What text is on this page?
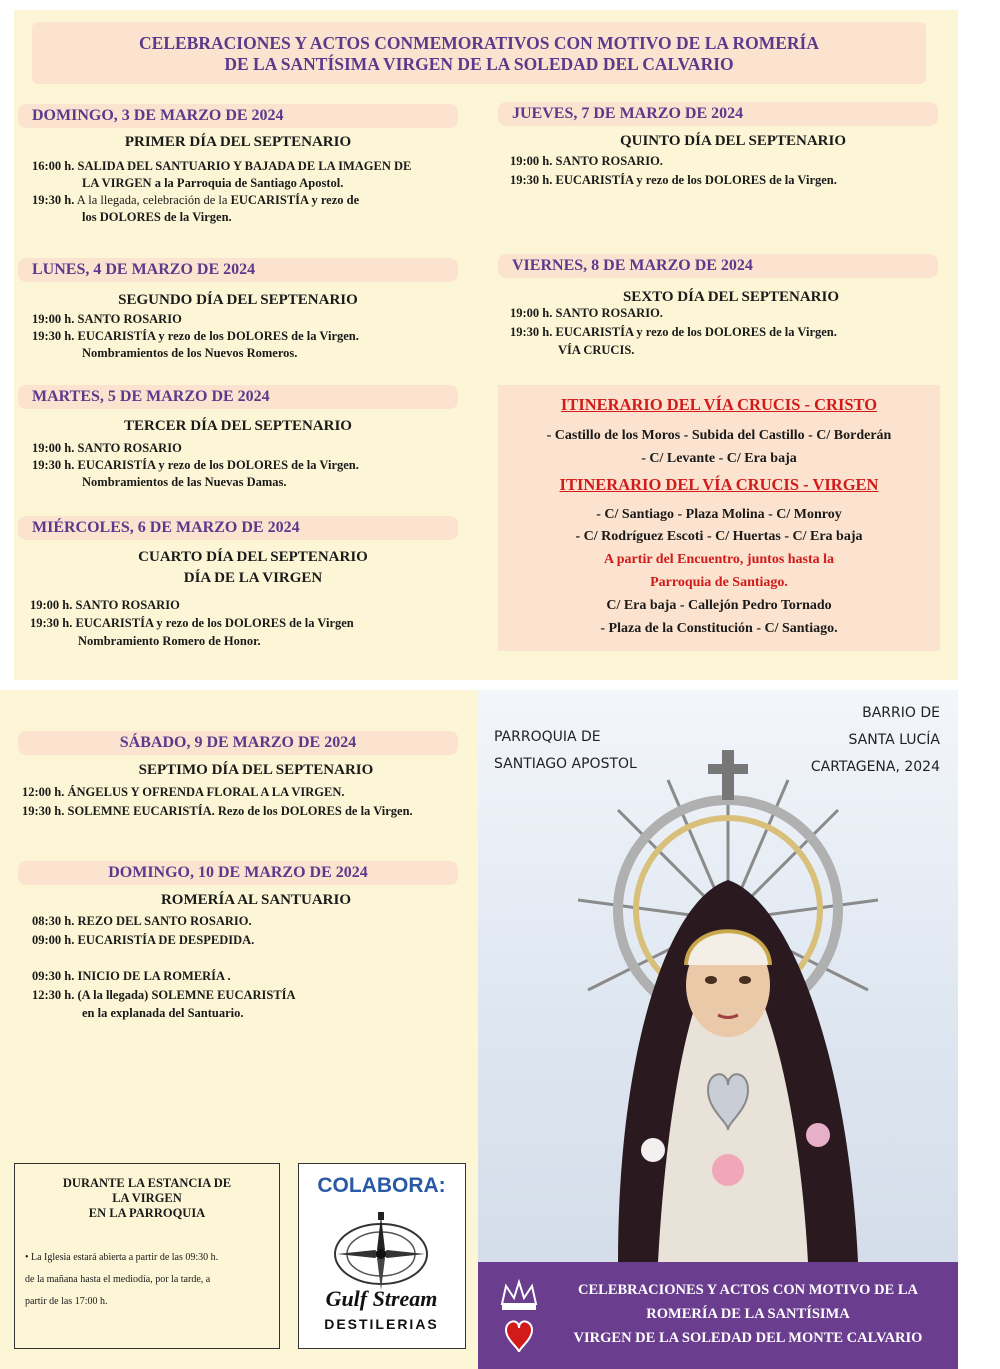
CELEBRACIONES Y ACTOS CONMEMORATIVOS CON MOTIVO DE LA ROMERÍA
DE LA SANTÍSIMA VIRGEN DE LA SOLEDAD DEL CALVARIO
DOMINGO, 3 DE MARZO DE 2024
PRIMER DÍA DEL SEPTENARIO
16:00 h. SALIDA DEL SANTUARIO Y BAJADA DE LA IMAGEN DE
LA VIRGEN a la Parroquia de Santiago Apostol.
19:30 h. A la llegada, celebración de la EUCARISTÍA y rezo de
los DOLORES de la Virgen.
LUNES, 4 DE MARZO DE 2024
SEGUNDO DÍA DEL SEPTENARIO
19:00 h. SANTO ROSARIO
19:30 h. EUCARISTÍA y rezo de los DOLORES de la Virgen.
Nombramientos de los Nuevos Romeros.
MARTES, 5 DE MARZO DE 2024
TERCER DÍA DEL SEPTENARIO
19:00 h. SANTO ROSARIO
19:30 h. EUCARISTÍA y rezo de los DOLORES de la Virgen.
Nombramientos de las Nuevas Damas.
MIÉRCOLES, 6 DE MARZO DE 2024
CUARTO DÍA DEL SEPTENARIO
DÍA DE LA VIRGEN
19:00 h. SANTO ROSARIO
19:30 h. EUCARISTÍA y rezo de los DOLORES de la Virgen
Nombramiento Romero de Honor.
JUEVES, 7 DE MARZO DE 2024
QUINTO DÍA DEL SEPTENARIO
19:00 h. SANTO ROSARIO.
19:30 h. EUCARISTÍA y rezo de los DOLORES de la Virgen.
VIERNES, 8 DE MARZO DE 2024
SEXTO DÍA DEL SEPTENARIO
19:00 h. SANTO ROSARIO.
19:30 h. EUCARISTÍA y rezo de los DOLORES de la Virgen.
VÍA CRUCIS.
ITINERARIO DEL VÍA CRUCIS - CRISTO
- Castillo de los Moros - Subida del Castillo - C/ Borderán
- C/ Levante - C/ Era baja
ITINERARIO DEL VÍA CRUCIS - VIRGEN
- C/ Santiago - Plaza Molina - C/ Monroy
- C/ Rodríguez Escoti - C/ Huertas - C/ Era baja
A partir del Encuentro, juntos hasta la
Parroquia de Santiago.
C/ Era baja - Callejón Pedro Tornado
- Plaza de la Constitución - C/ Santiago.
SÁBADO, 9 DE MARZO DE 2024
SEPTIMO DÍA DEL SEPTENARIO
12:00 h. ÁNGELUS Y OFRENDA FLORAL A LA VIRGEN.
19:30 h. SOLEMNE EUCARISTÍA. Rezo de los DOLORES de la Virgen.
DOMINGO, 10 DE MARZO DE 2024
ROMERÍA AL SANTUARIO
08:30 h. REZO DEL SANTO ROSARIO.
09:00 h. EUCARISTÍA DE DESPEDIDA.
09:30 h. INICIO DE LA ROMERÍA .
12:30 h. (A la llegada) SOLEMNE EUCARISTÍA
en la explanada del Santuario.
DURANTE LA ESTANCIA DE
LA VIRGEN
EN LA PARROQUIA
• La Iglesia estará abierta a partir de las 09:30 h.
de la mañana hasta el mediodía, por la tarde, a
partir de las 17:00 h.
COLABORA:
Gulf Stream
DESTILERIAS
PARROQUIA DE
SANTIAGO APOSTOL
BARRIO DE
SANTA LUCÍA
CARTAGENA, 2024
CELEBRACIONES Y ACTOS CON MOTIVO DE LA
ROMERÍA DE LA SANTÍSIMA
VIRGEN DE LA SOLEDAD DEL MONTE CALVARIO
